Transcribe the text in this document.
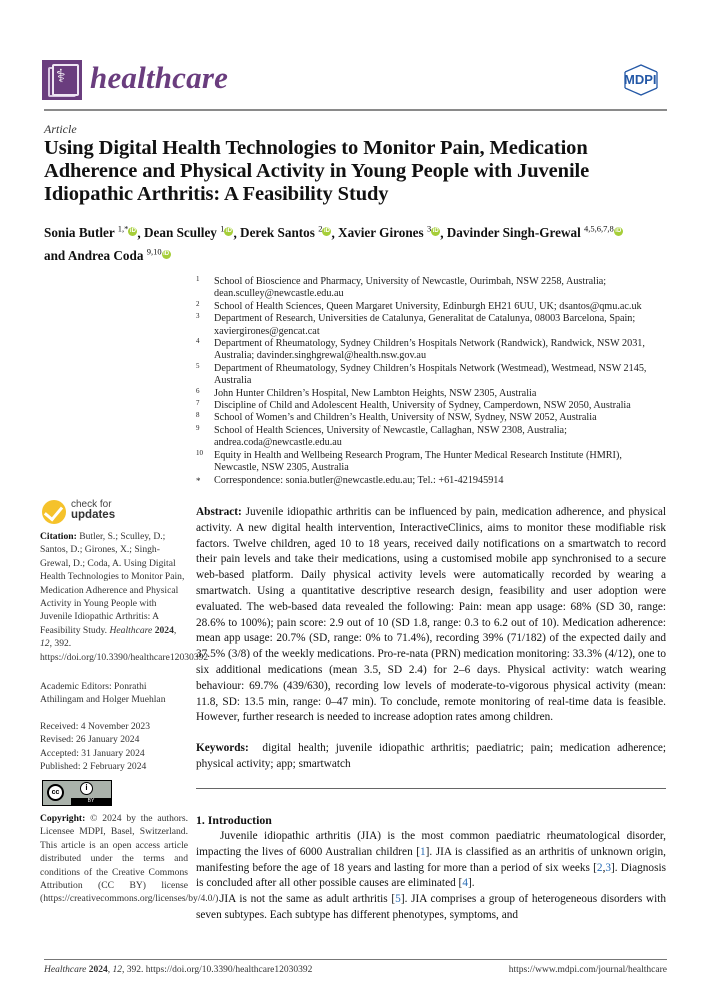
⚕ healthcare	MDPI
Article
Using Digital Health Technologies to Monitor Pain, Medication Adherence and Physical Activity in Young People with Juvenile Idiopathic Arthritis: A Feasibility Study
Sonia Butler $^{1,*}$ iD , Dean Sculley $^1$ iD , Derek Santos $^2$ iD , Xavier Girones $^3$ iD , Davinder Singh-Grewal $^{4,5,6,7,8}$ iD
and Andrea Coda $^{9,10}$ iD

1 School of Bioscience and Pharmacy, University of Newcastle, Ourimbah, NSW 2258, Australia; dean.sculley@newcastle.edu.au

2 School of Health Sciences, Queen Margaret University, Edinburgh EH21 6UU, UK; dsantos@qmu.ac.uk

3 Department of Research, Universities de Catalunya, Generalitat de Catalunya, 08003 Barcelona, Spain; xaviergirones@gencat.cat

4 Department of Rheumatology, Sydney Children’s Hospitals Network (Randwick), Randwick, NSW 2031, Australia; davinder.singhgrewal@health.nsw.gov.au

5 Department of Rheumatology, Sydney Children’s Hospitals Network (Westmead), Westmead, NSW 2145, Australia

6 John Hunter Children’s Hospital, New Lambton Heights, NSW 2305, Australia

7 Discipline of Child and Adolescent Health, University of Sydney, Camperdown, NSW 2050, Australia

8 School of Women’s and Children’s Health, University of NSW, Sydney, NSW 2052, Australia

9 School of Health Sciences, University of Newcastle, Callaghan, NSW 2308, Australia; andrea.coda@newcastle.edu.au

10 Equity in Health and Wellbeing Research Program, The Hunter Medical Research Institute (HMRI), Newcastle, NSW 2305, Australia

* Correspondence: sonia.butler@newcastle.edu.au; Tel.: +61-421945914

check for
updates
Citation: Butler, S.; Sculley, D.; Santos, D.; Girones, X.; Singh-Grewal, D.; Coda, A. Using Digital Health Technologies to Monitor Pain, Medication Adherence and Physical Activity in Young People with Juvenile Idiopathic Arthritis: A Feasibility Study. Healthcare 2024, 12, 392. https://doi.org/10.3390/healthcare12030392
Academic Editors: Ponrathi Athilingam and Holger Muehlan
Received: 4 November 2023
Revised: 26 January 2024
Accepted: 31 January 2024
Published: 2 February 2024
cc
i
BY
Copyright: © 2024 by the authors. Licensee MDPI, Basel, Switzerland. This article is an open access article distributed under the terms and conditions of the Creative Commons Attribution (CC BY) license (https://creativecommons.org/licenses/by/4.0/).
Abstract: Juvenile idiopathic arthritis can be influenced by pain, medication adherence, and physical activity. A new digital health intervention, InteractiveClinics, aims to monitor these modifiable risk factors. Twelve children, aged 10 to 18 years, received daily notifications on a smartwatch to record their pain levels and take their medications, using a customised mobile app synchronised to a secure web-based platform. Daily physical activity levels were automatically recorded by wearing a smartwatch. Using a quantitative descriptive research design, feasibility and user adoption were evaluated. The web-based data revealed the following: Pain: mean app usage: 68% (SD 30, range: 28.6% to 100%); pain score: 2.9 out of 10 (SD 1.8, range: 0.3 to 6.2 out of 10). Medication adherence: mean app usage: 20.7% (SD, range: 0% to 71.4%), recording 39% (71/182) of the expected daily and 37.5% (3/8) of the weekly medications. Pro-re-nata (PRN) medication monitoring: 33.3% (4/12), one to six additional medications (mean 3.5, SD 2.4) for 2–6 days. Physical activity: watch wearing behaviour: 69.7% (439/630), recording low levels of moderate-to-vigorous physical activity (mean: 11.8, SD: 13.5 min, range: 0–47 min). To conclude, remote monitoring of real-time data is feasible. However, further research is needed to increase adoption rates among children.
Keywords: digital health; juvenile idiopathic arthritis; paediatric; pain; medication adherence; physical activity; app; smartwatch
1. Introduction

Juvenile idiopathic arthritis (JIA) is the most common paediatric rheumatological disorder, impacting the lives of 6000 Australian children [1]. JIA is classified as an arthritis of unknown origin, manifesting before the age of 18 years and lasting for more than a period of six weeks [2,3]. Diagnosis is concluded after all other possible causes are eliminated [4].

JIA is not the same as adult arthritis [5]. JIA comprises a group of heterogeneous disorders with seven subtypes. Each subtype has different phenotypes, symptoms, and

Healthcare 2024, 12, 392. https://doi.org/10.3390/healthcare12030392	https://www.mdpi.com/journal/healthcare
